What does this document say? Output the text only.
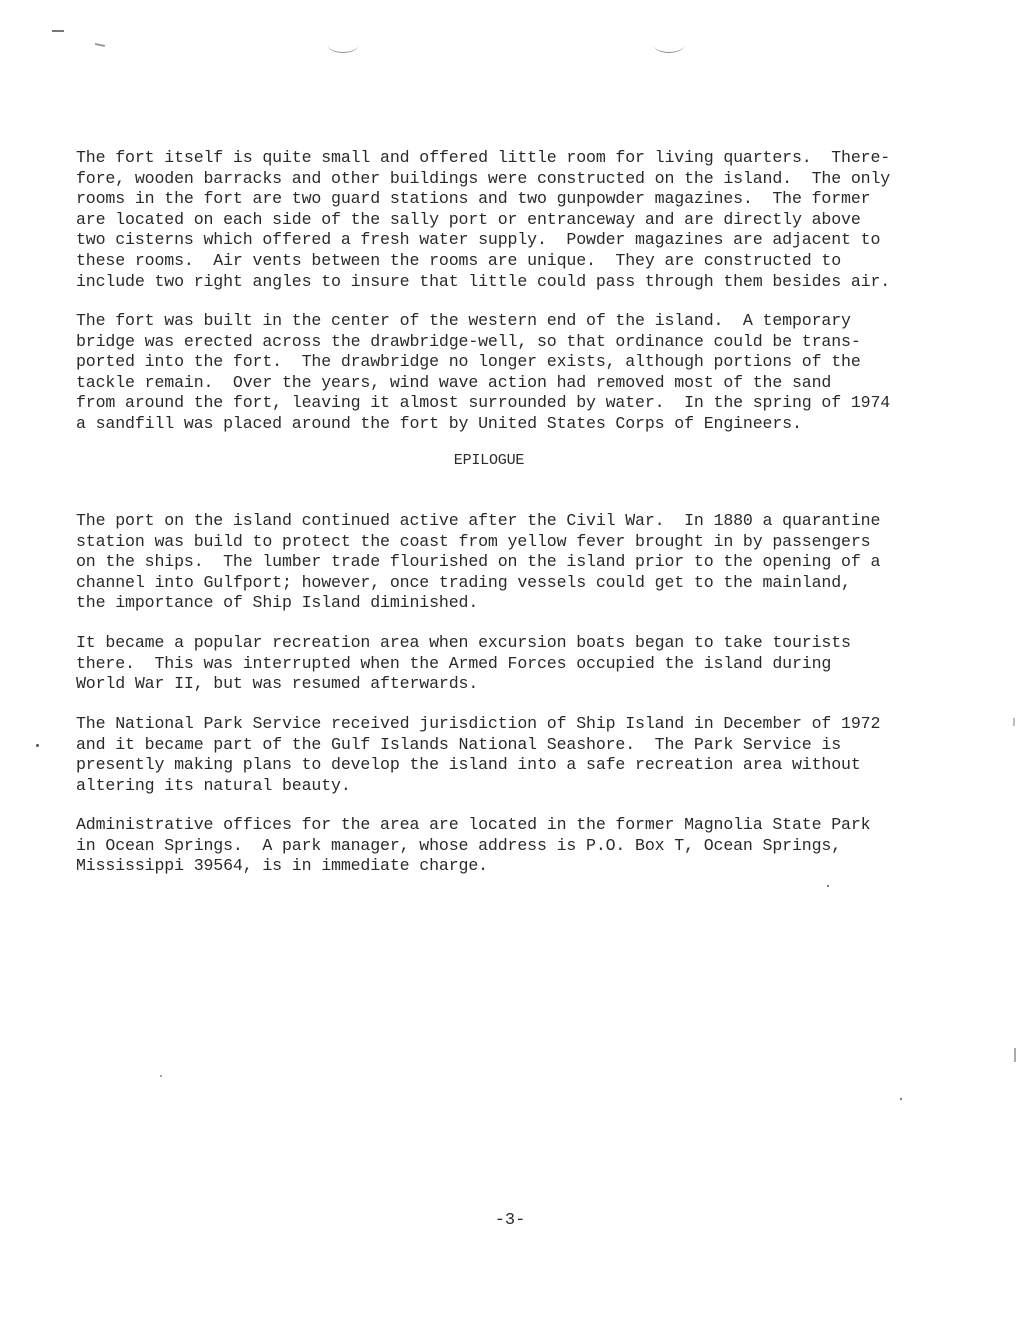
The fort itself is quite small and offered little room for living quarters.  There-
fore, wooden barracks and other buildings were constructed on the island.  The only
rooms in the fort are two guard stations and two gunpowder magazines.  The former
are located on each side of the sally port or entranceway and are directly above
two cisterns which offered a fresh water supply.  Powder magazines are adjacent to
these rooms.  Air vents between the rooms are unique.  They are constructed to
include two right angles to insure that little could pass through them besides air.
The fort was built in the center of the western end of the island.  A temporary
bridge was erected across the drawbridge-well, so that ordinance could be trans-
ported into the fort.  The drawbridge no longer exists, although portions of the
tackle remain.  Over the years, wind wave action had removed most of the sand
from around the fort, leaving it almost surrounded by water.  In the spring of 1974
a sandfill was placed around the fort by United States Corps of Engineers.
EPILOGUE
The port on the island continued active after the Civil War.  In 1880 a quarantine
station was build to protect the coast from yellow fever brought in by passengers
on the ships.  The lumber trade flourished on the island prior to the opening of a
channel into Gulfport; however, once trading vessels could get to the mainland,
the importance of Ship Island diminished.
It became a popular recreation area when excursion boats began to take tourists
there.  This was interrupted when the Armed Forces occupied the island during
World War II, but was resumed afterwards.
The National Park Service received jurisdiction of Ship Island in December of 1972
and it became part of the Gulf Islands National Seashore.  The Park Service is
presently making plans to develop the island into a safe recreation area without
altering its natural beauty.
Administrative offices for the area are located in the former Magnolia State Park
in Ocean Springs.  A park manager, whose address is P.O. Box T, Ocean Springs,
Mississippi 39564, is in immediate charge.
-3-
